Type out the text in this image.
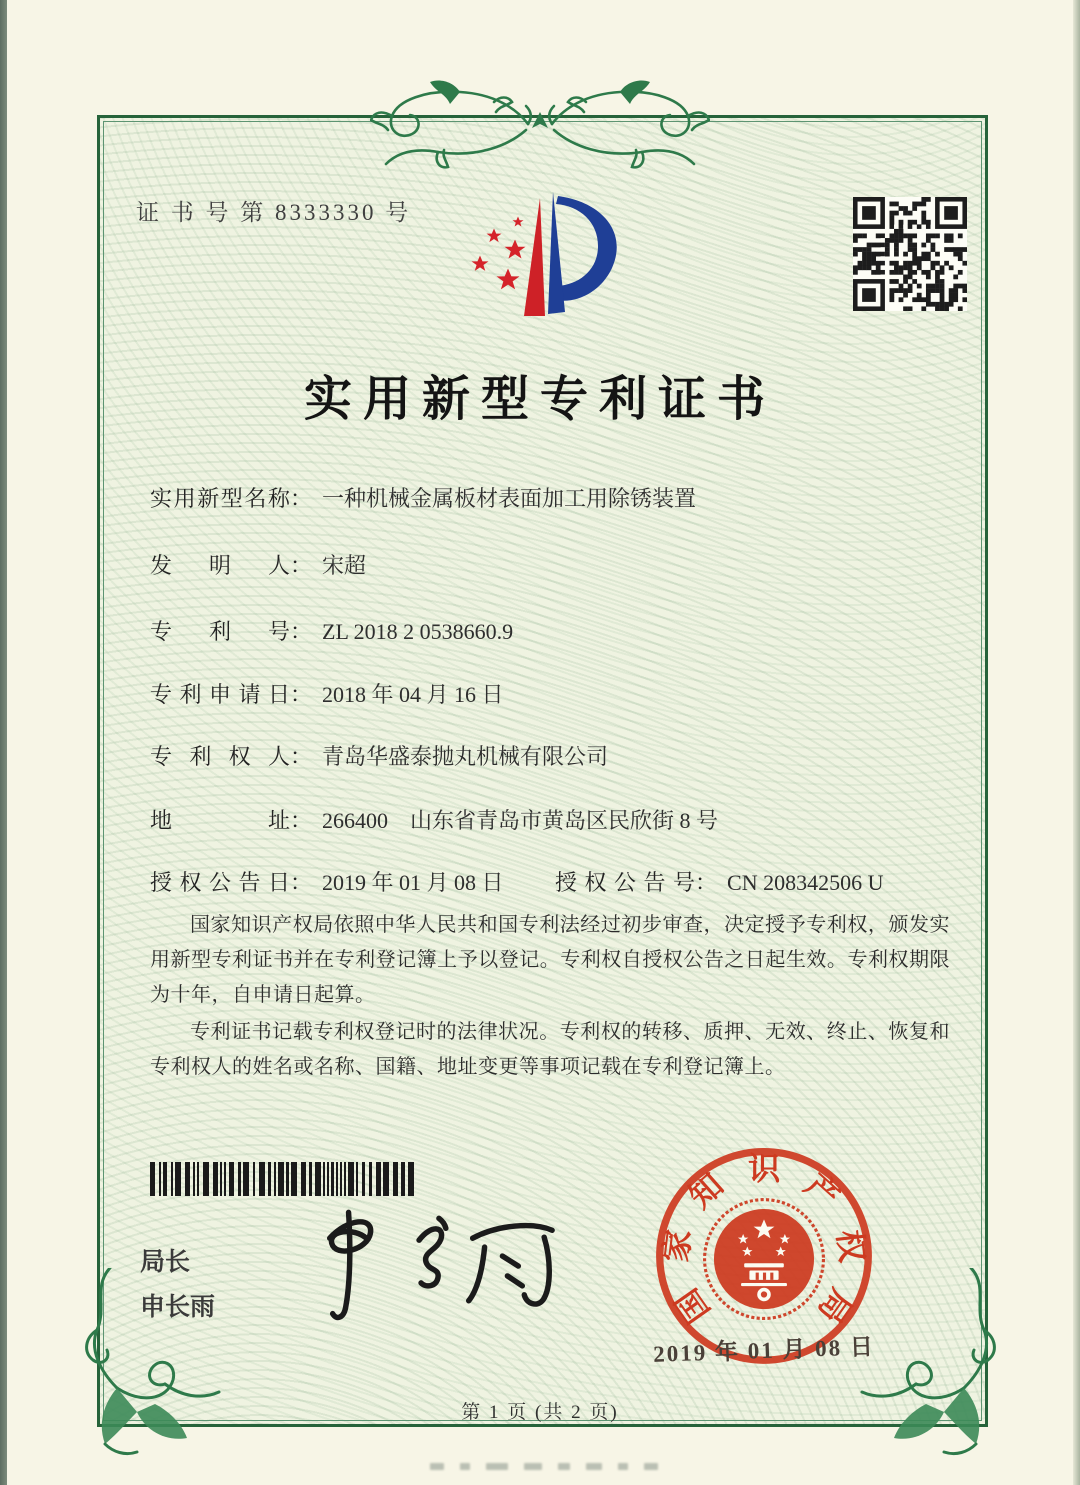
证 书 号 第 8333330 号
实用新型专利证书
实用新型名称： 一种机械金属板材表面加工用除锈装置
发明人： 宋超
专利号： ZL 2018 2 0538660.9
专利申请日： 2018 年 04 月 16 日
专利权人： 青岛华盛泰抛丸机械有限公司
地址： 266400　山东省青岛市黄岛区民欣街 8 号
授权公告日： 2019 年 01 月 08 日 授权公告号： CN 208342506 U

国家知识产权局依照中华人民共和国专利法经过初步审查，决定授予专利权，颁发实用新型专利证书并在专利登记簿上予以登记。专利权自授权公告之日起生效。专利权期限为十年，自申请日起算。

专利证书记载专利权登记时的法律状况。专利权的转移、质押、无效、终止、恢复和专利权人的姓名或名称、国籍、地址变更等事项记载在专利登记簿上。

局长
申长雨	国
家
知 识 产
权
局
2019 年 01 月 08 日
第 1 页 (共 2 页)
